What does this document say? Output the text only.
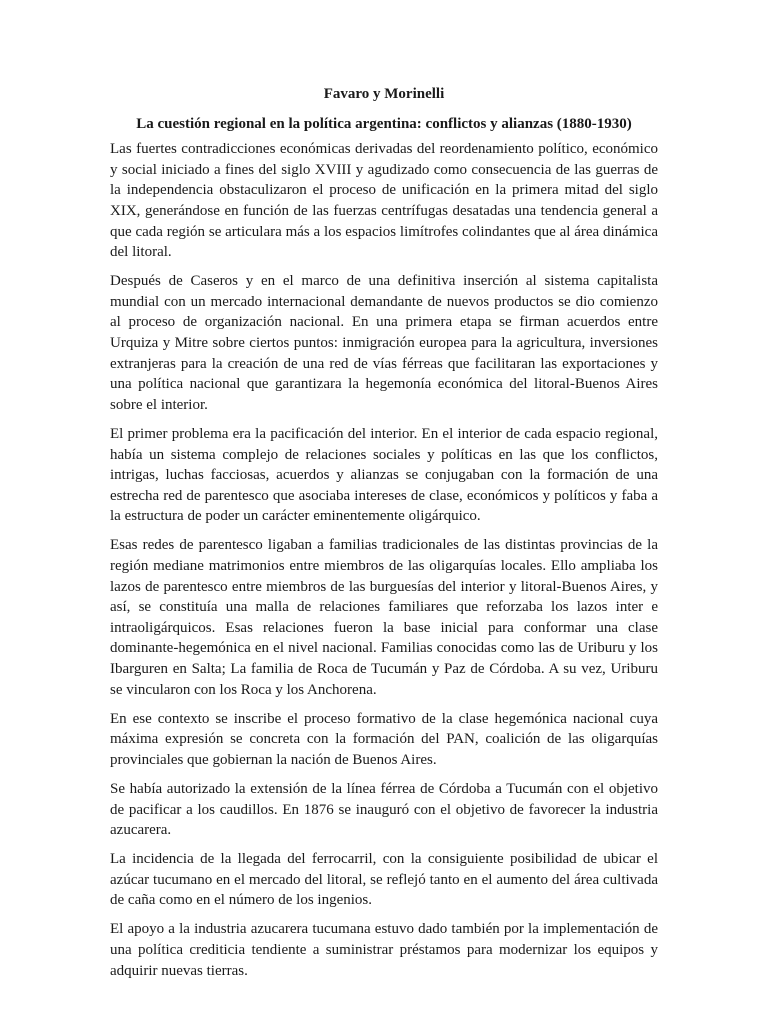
Favaro y Morinelli

La cuestión regional en la política argentina: conflictos y alianzas (1880-1930)

Las fuertes contradicciones económicas derivadas del reordenamiento político, económico y social iniciado a fines del siglo XVIII y agudizado como consecuencia de las guerras de la independencia obstaculizaron el proceso de unificación en la primera mitad del siglo XIX, generándose en función de las fuerzas centrífugas desatadas una tendencia general a que cada región se articulara más a los espacios limítrofes colindantes que al área dinámica del litoral.

Después de Caseros y en el marco de una definitiva inserción al sistema capitalista mundial con un mercado internacional demandante de nuevos productos se dio comienzo al proceso de organización nacional. En una primera etapa se firman acuerdos entre Urquiza y Mitre sobre ciertos puntos: inmigración europea para la agricultura, inversiones extranjeras para la creación de una red de vías férreas que facilitaran las exportaciones y una política nacional que garantizara la hegemonía económica del litoral-Buenos Aires sobre el interior.

El primer problema era la pacificación del interior. En el interior de cada espacio regional, había un sistema complejo de relaciones sociales y políticas en las que los conflictos, intrigas, luchas facciosas, acuerdos y alianzas se conjugaban con la formación de una estrecha red de parentesco que asociaba intereses de clase, económicos y políticos y faba a la estructura de poder un carácter eminentemente oligárquico.

Esas redes de parentesco ligaban a familias tradicionales de las distintas provincias de la región mediane matrimonios entre miembros de las oligarquías locales. Ello ampliaba los lazos de parentesco entre miembros de las burguesías del interior y litoral-Buenos Aires, y así, se constituía una malla de relaciones familiares que reforzaba los lazos inter e intraoligárquicos. Esas relaciones fueron la base inicial para conformar una clase dominante-hegemónica en el nivel nacional. Familias conocidas como las de Uriburu y los Ibarguren en Salta; La familia de Roca de Tucumán y Paz de Córdoba. A su vez, Uriburu se vincularon con los Roca y los Anchorena.

En ese contexto se inscribe el proceso formativo de la clase hegemónica nacional cuya máxima expresión se concreta con la formación del PAN, coalición de las oligarquías provinciales que gobiernan la nación de Buenos Aires.

Se había autorizado la extensión de la línea férrea de Córdoba a Tucumán con el objetivo de pacificar a los caudillos. En 1876 se inauguró con el objetivo de favorecer la industria azucarera.

La incidencia de la llegada del ferrocarril, con la consiguiente posibilidad de ubicar el azúcar tucumano en el mercado del litoral, se reflejó tanto en el aumento del área cultivada de caña como en el número de los ingenios.

El apoyo a la industria azucarera tucumana estuvo dado también por la implementación de una política crediticia tendiente a suministrar préstamos para modernizar los equipos y adquirir nuevas tierras.
